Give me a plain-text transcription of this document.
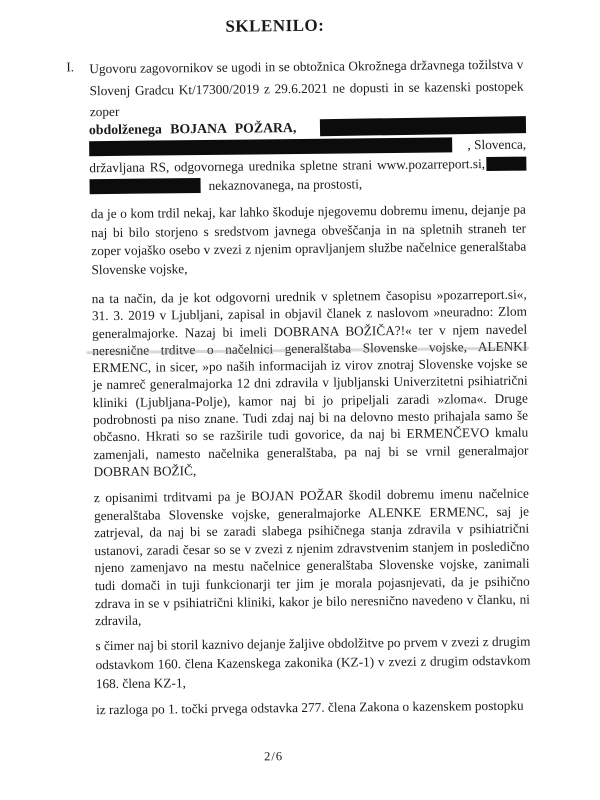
SKLENILO:
I. Ugovoru zagovornikov se ugodi in se obtožnica Okrožnega državnega tožilstva v Slovenj Gradcu Kt/17300/2019 z 29.6.2021 ne dopusti in se kazenski postopek zoper
obdolženega BOJANA POŽARA,
, Slovenca,
državljana RS, odgovornega urednika spletne strani www.pozarreport.si,
nekaznovanega, na prostosti,
da je o kom trdil nekaj, kar lahko škoduje njegovemu dobremu imenu, dejanje pa naj bi bilo storjeno s sredstvom javnega obveščanja in na spletnih straneh ter zoper vojaško osebo v zvezi z njenim opravljanjem službe načelnice generalštaba Slovenske vojske,
na ta način, da je kot odgovorni urednik v spletnem časopisu »pozarreport.si«, 31. 3. 2019 v Ljubljani, zapisal in objavil članek z naslovom »neuradno: Zlom generalmajorke. Nazaj bi imeli DOBRANA BOŽIČA?!« ter v njem navedel neresnične trditve o načelnici generalštaba Slovenske vojske, ALENKI ERMENC, in sicer, »po naših informacijah iz virov znotraj Slovenske vojske se je namreč generalmajorka 12 dni zdravila v ljubljanski Univerzitetni psihiatrični kliniki (Ljubljana-Polje), kamor naj bi jo pripeljali zaradi »zloma«. Druge podrobnosti pa niso znane. Tudi zdaj naj bi na delovno mesto prihajala samo še občasno. Hkrati so se razširile tudi govorice, da naj bi ERMENČEVO kmalu zamenjali, namesto načelnika generalštaba, pa naj bi se vrnil generalmajor DOBRAN BOŽIČ,
z opisanimi trditvami pa je BOJAN POŽAR škodil dobremu imenu načelnice generalštaba Slovenske vojske, generalmajorke ALENKE ERMENC, saj je zatrjeval, da naj bi se zaradi slabega psihičnega stanja zdravila v psihiatrični ustanovi, zaradi česar so se v zvezi z njenim zdravstvenim stanjem in posledično njeno zamenjavo na mestu načelnice generalštaba Slovenske vojske, zanimali tudi domači in tuji funkcionarji ter jim je morala pojasnjevati, da je psihično zdrava in se v psihiatrični kliniki, kakor je bilo neresnično navedeno v članku, ni zdravila,
s čimer naj bi storil kaznivo dejanje žaljive obdolžitve po prvem v zvezi z drugim odstavkom 160. člena Kazenskega zakonika (KZ-1) v zvezi z drugim odstavkom 168. člena KZ-1,
iz razloga po 1. točki prvega odstavka 277. člena Zakona o kazenskem postopku
2/6
